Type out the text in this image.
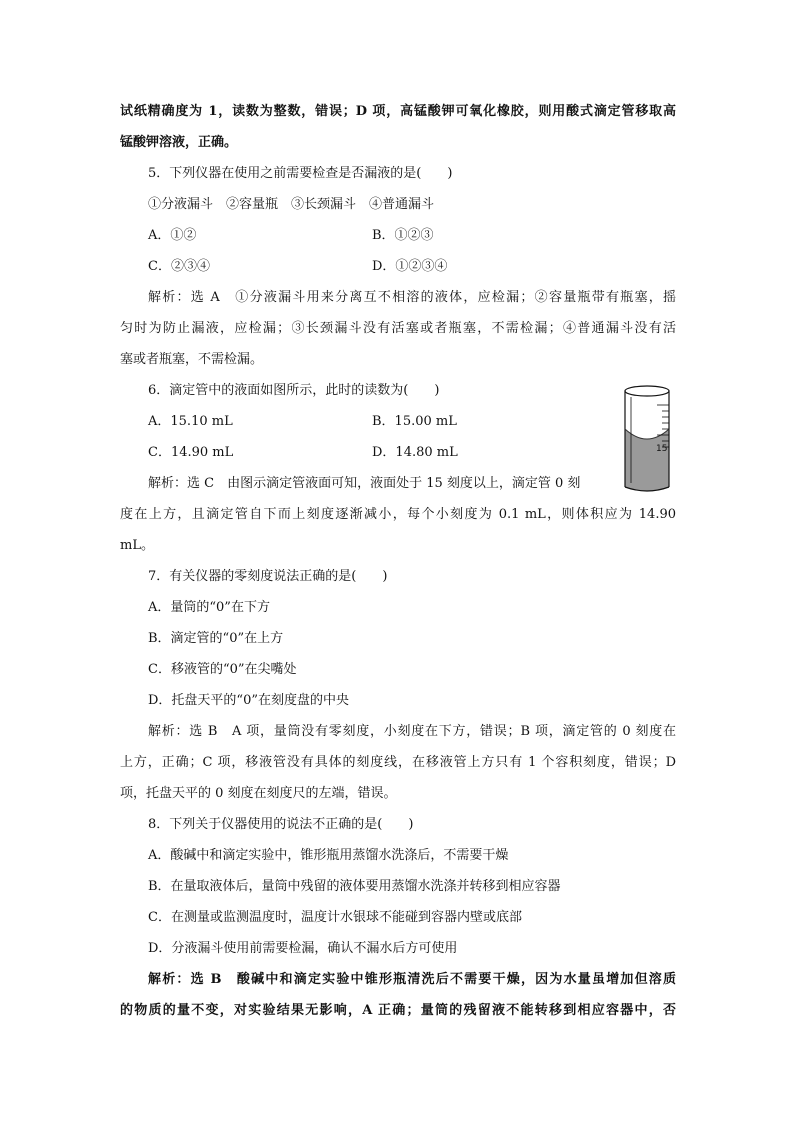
试纸精确度为 1，读数为整数，错误；D 项，高锰酸钾可氧化橡胶，则用酸式滴定管移取高
锰酸钾溶液，正确。
5．下列仪器在使用之前需要检查是否漏液的是(　　)
①分液漏斗　②容量瓶　③长颈漏斗　④普通漏斗
A．①②	B．①②③
C．②③④	D．①②③④
解析：选 A　①分液漏斗用来分离互不相溶的液体，应检漏；②容量瓶带有瓶塞，摇
匀时为防止漏液，应检漏；③长颈漏斗没有活塞或者瓶塞，不需检漏；④普通漏斗没有活
塞或者瓶塞，不需检漏。
6．滴定管中的液面如图所示，此时的读数为(　　)
A．15.10 mL	B．15.00 mL
C．14.90 mL	D．14.80 mL
解析：选 C　由图示滴定管液面可知，液面处于 15 刻度以上，滴定管 0 刻
度在上方，且滴定管自下而上刻度逐渐减小，每个小刻度为 0.1 mL，则体积应为 14.90
mL。
7．有关仪器的零刻度说法正确的是(　　)
A．量筒的“0”在下方
B．滴定管的“0”在上方
C．移液管的“0”在尖嘴处
D．托盘天平的“0”在刻度盘的中央
解析：选 B　A 项，量筒没有零刻度，小刻度在下方，错误；B 项，滴定管的 0 刻度在
上方，正确；C 项，移液管没有具体的刻度线，在移液管上方只有 1 个容积刻度，错误；D
项，托盘天平的 0 刻度在刻度尺的左端，错误。
8．下列关于仪器使用的说法不正确的是(　　)
A．酸碱中和滴定实验中，锥形瓶用蒸馏水洗涤后，不需要干燥
B．在量取液体后，量筒中残留的液体要用蒸馏水洗涤并转移到相应容器
C．在测量或监测温度时，温度计水银球不能碰到容器内壁或底部
D．分液漏斗使用前需要检漏，确认不漏水后方可使用
解析：选 B　酸碱中和滴定实验中锥形瓶清洗后不需要干燥，因为水量虽增加但溶质
的物质的量不变，对实验结果无影响，A 正确；量筒的残留液不能转移到相应容器中，否
15
